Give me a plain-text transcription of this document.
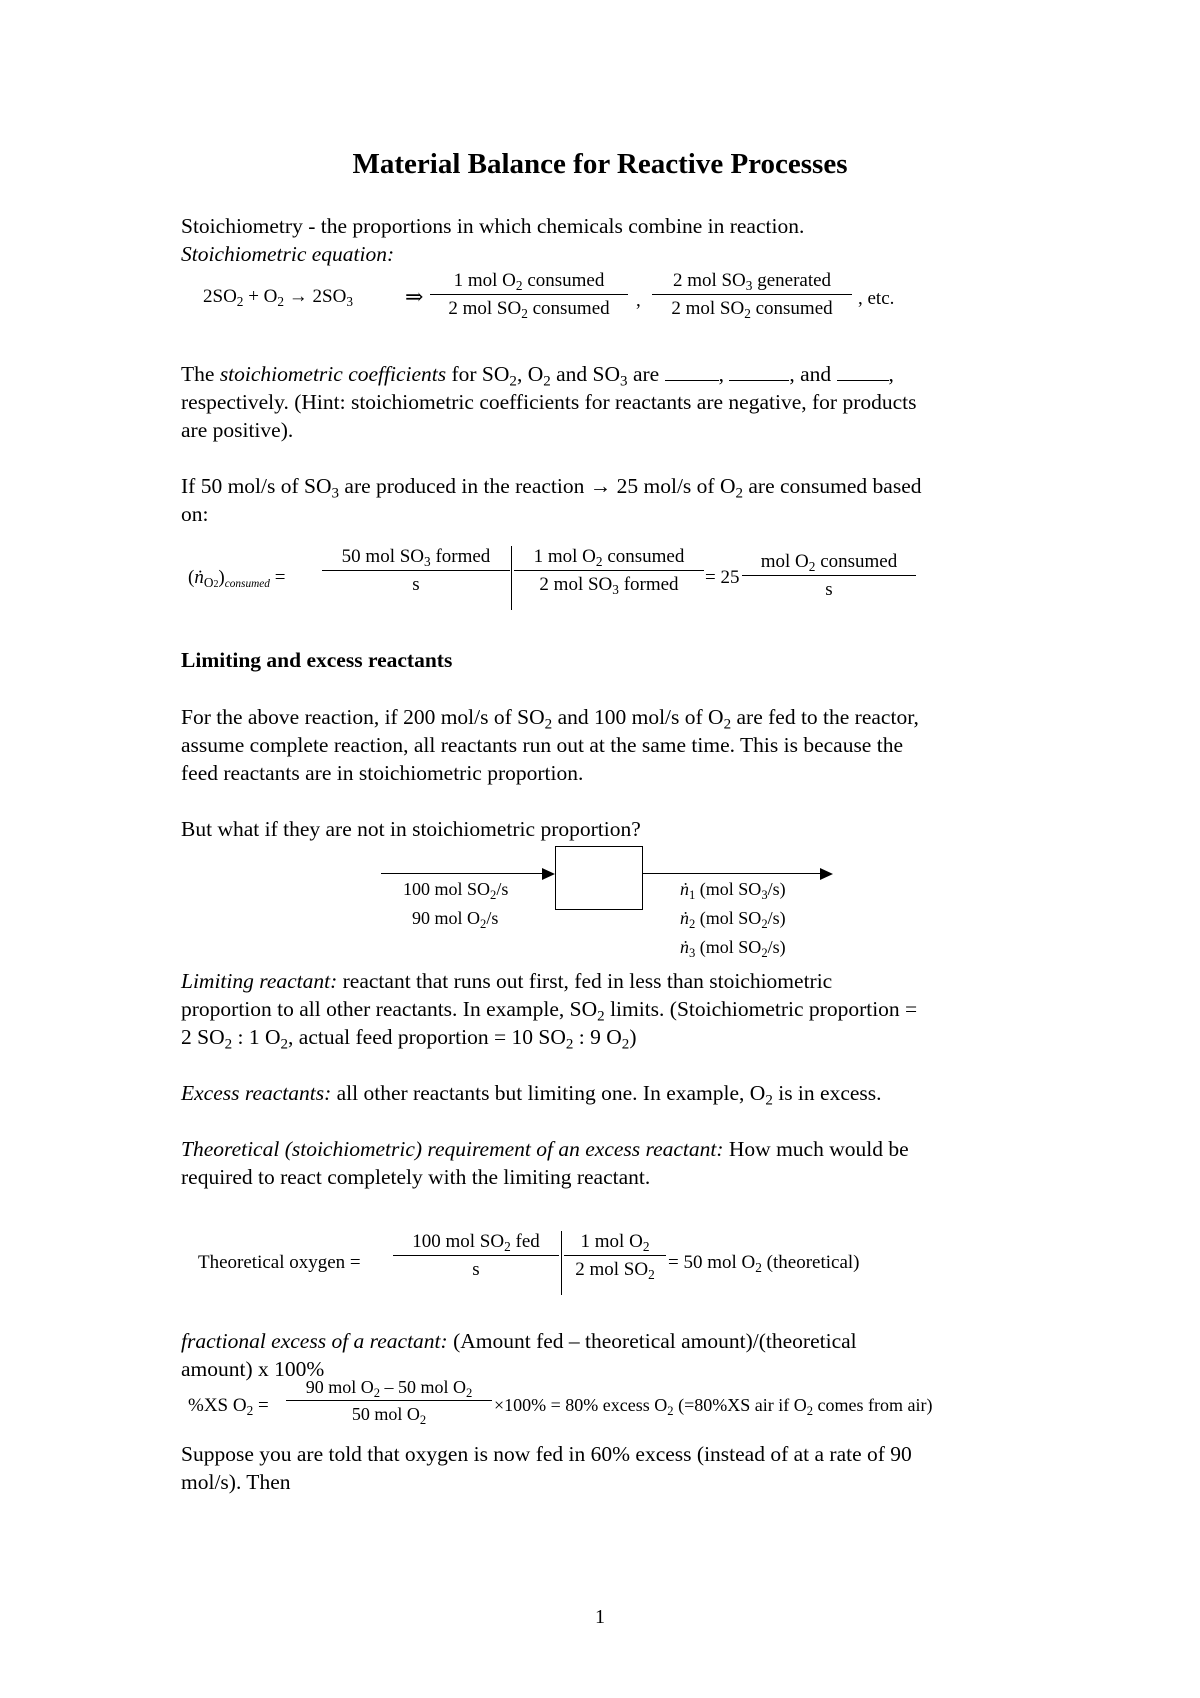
Material Balance for Reactive Processes
Stoichiometry - the proportions in which chemicals combine in reaction.
Stoichiometric equation:
$2SO_2 + O_2 \to 2SO_3$ ⇒
1 mol $O_2$ consumed
2 mol $SO_2$ consumed	,
2 mol $SO_3$ generated
2 mol $SO_2$ consumed	, etc.
The stoichiometric coefficients for $SO_2$, $O_2$ and $SO_3$ are	,	, and ,
respectively. (Hint: stoichiometric coefficients for reactants are negative, for products
are positive).
If 50 mol/s of $SO_3$ are produced in the reaction → 25 mol/s of $O_2$ are consumed based
on:
$(ṅ_{O2})_{consumed}$ =
50 mol $SO_3$ formed
s
1 mol $O_2$ consumed
2 mol $SO_3$ formed	= 25
mol $O_2$ consumed
s
Limiting and excess reactants
For the above reaction, if 200 mol/s of $SO_2$ and 100 mol/s of $O_2$ are fed to the reactor,
assume complete reaction, all reactants run out at the same time. This is because the
feed reactants are in stoichiometric proportion.
But what if they are not in stoichiometric proportion?
100 mol $SO_2/s$
90 mol $O_2/s$
ṅ$_1$ (mol $SO_3/s$)
ṅ$_2$ (mol $SO_2/s$)
ṅ$_3$ (mol $SO_2/s$)
Limiting reactant: reactant that runs out first, fed in less than stoichiometric
proportion to all other reactants. In example, $SO_2$ limits. (Stoichiometric proportion =
2 $SO_2$ : 1 $O_2$, actual feed proportion = 10 $SO_2$ : 9 $O_2$)
Excess reactants: all other reactants but limiting one. In example, $O_2$ is in excess.
Theoretical (stoichiometric) requirement of an excess reactant: How much would be
required to react completely with the limiting reactant.
Theoretical oxygen =
100 mol $SO_2$ fed
s
1 mol $O_2$
2 mol $SO_2$
= 50 mol $O_2$ (theoretical)
fractional excess of a reactant: (Amount fed – theoretical amount)/(theoretical
amount) x 100%
%XS $O_2$ =
90 mol $O_2 - 50$ mol $O_2$
50 mol $O_2$
×100% = 80% excess $O_2$ (=80%XS air if $O_2$ comes from air)
Suppose you are told that oxygen is now fed in 60% excess (instead of at a rate of 90
mol/s). Then
1
